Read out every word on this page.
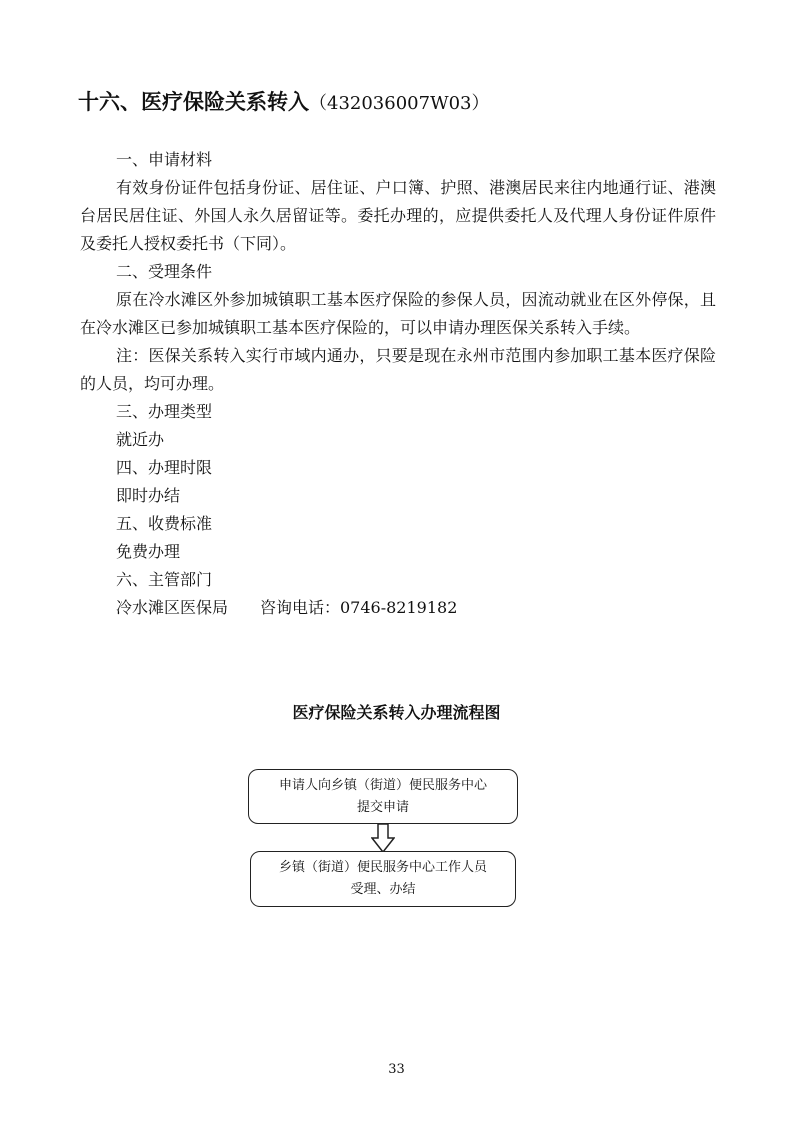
十六、医疗保险关系转入（432036007W03）

一、申请材料

有效身份证件包括身份证、居住证、户口簿、护照、港澳居民来往内地通行证、港澳台居民居住证、外国人永久居留证等。委托办理的，应提供委托人及代理人身份证件原件及委托人授权委托书（下同）。

二、受理条件

原在冷水滩区外参加城镇职工基本医疗保险的参保人员，因流动就业在区外停保，且在冷水滩区已参加城镇职工基本医疗保险的，可以申请办理医保关系转入手续。

注：医保关系转入实行市域内通办，只要是现在永州市范围内参加职工基本医疗保险的人员，均可办理。

三、办理类型

就近办

四、办理时限

即时办结

五、收费标准

免费办理

六、主管部门

冷水滩区医保局　　咨询电话：0746-8219182

医疗保险关系转入办理流程图
申请人向乡镇（街道）便民服务中心
提交申请
乡镇（街道）便民服务中心工作人员
受理、办结
33
